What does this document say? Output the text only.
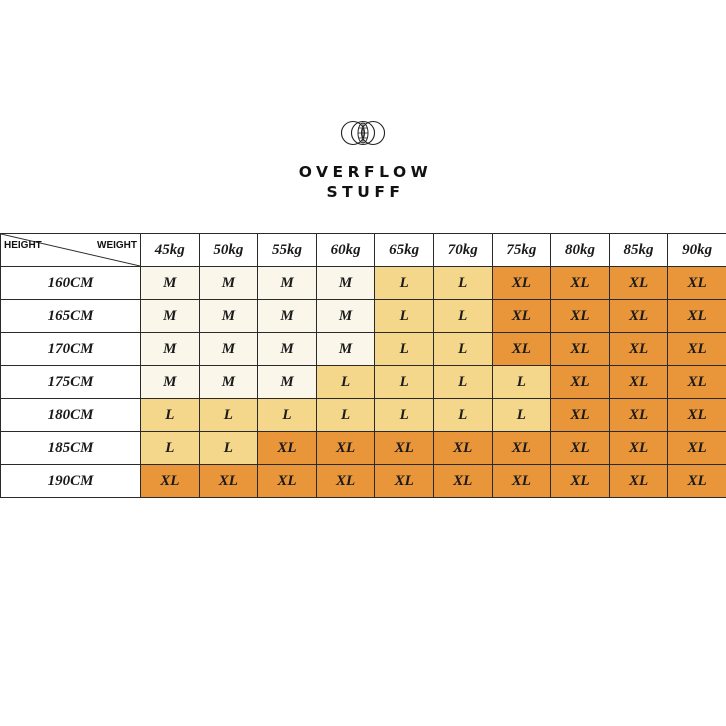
OVERFLOW
STUFF
HEIGHT WEIGHT	45kg	50kg	55kg	60kg	65kg	70kg	75kg	80kg	85kg	90kg
160CM	M	M	M	M	L	L	XL	XL	XL	XL
165CM	M	M	M	M	L	L	XL	XL	XL	XL
170CM	M	M	M	M	L	L	XL	XL	XL	XL
175CM	M	M	M	L	L	L	L	XL	XL	XL
180CM	L	L	L	L	L	L	L	XL	XL	XL
185CM	L	L	XL	XL	XL	XL	XL	XL	XL	XL
190CM	XL	XL	XL	XL	XL	XL	XL	XL	XL	XL
